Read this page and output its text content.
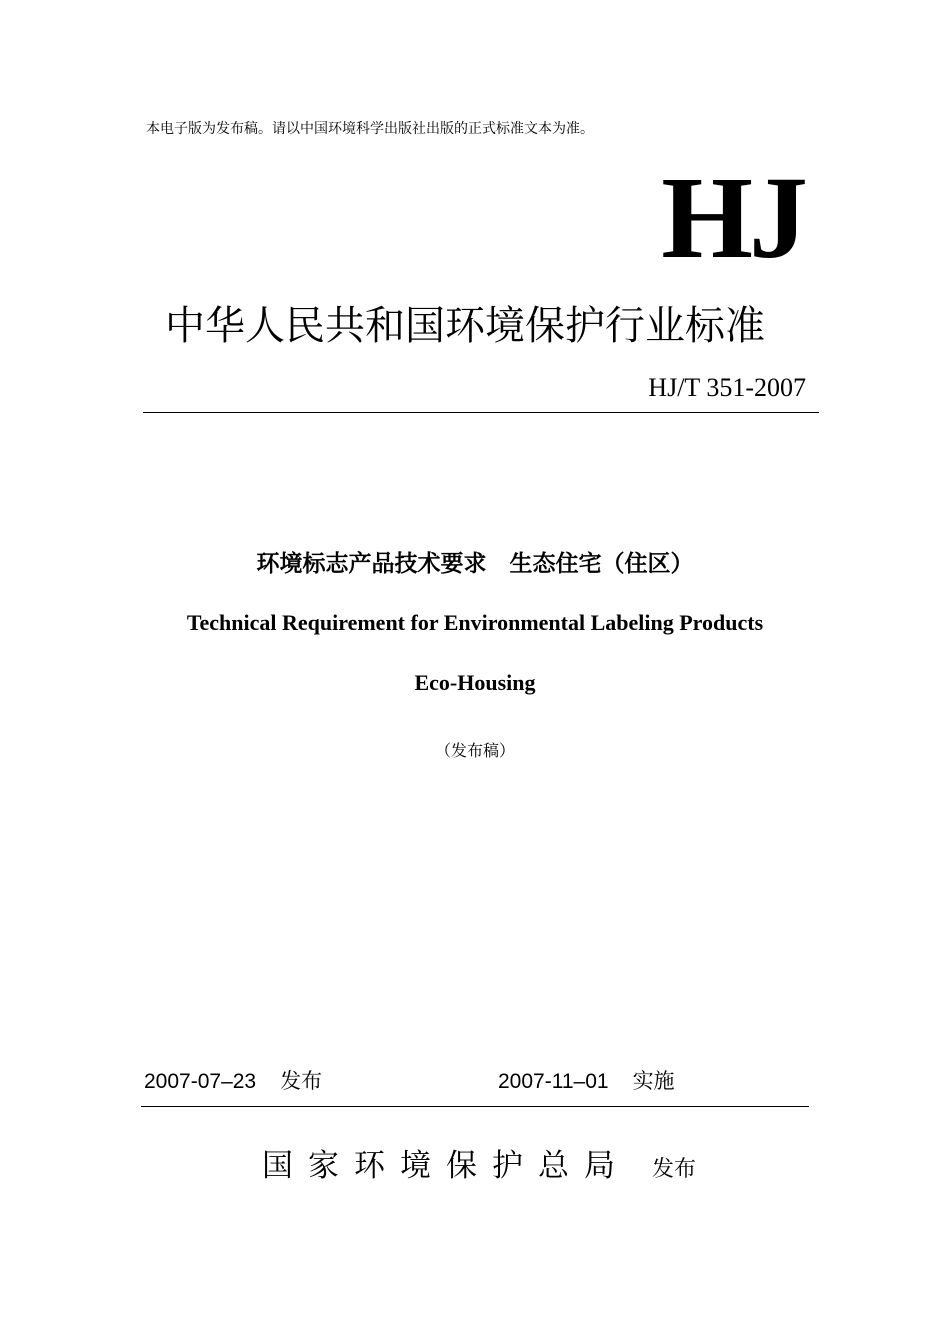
本电子版为发布稿。请以中国环境科学出版社出版的正式标准文本为准。
HJ
中华人民共和国环境保护行业标准
HJ/T 351-2007
环境标志产品技术要求　生态住宅（住区）
Technical Requirement for Environmental Labeling Products
Eco-Housing
（发布稿）
2007-07–23 发布	2007-11–01 实施
国家环境保护总局 发布
